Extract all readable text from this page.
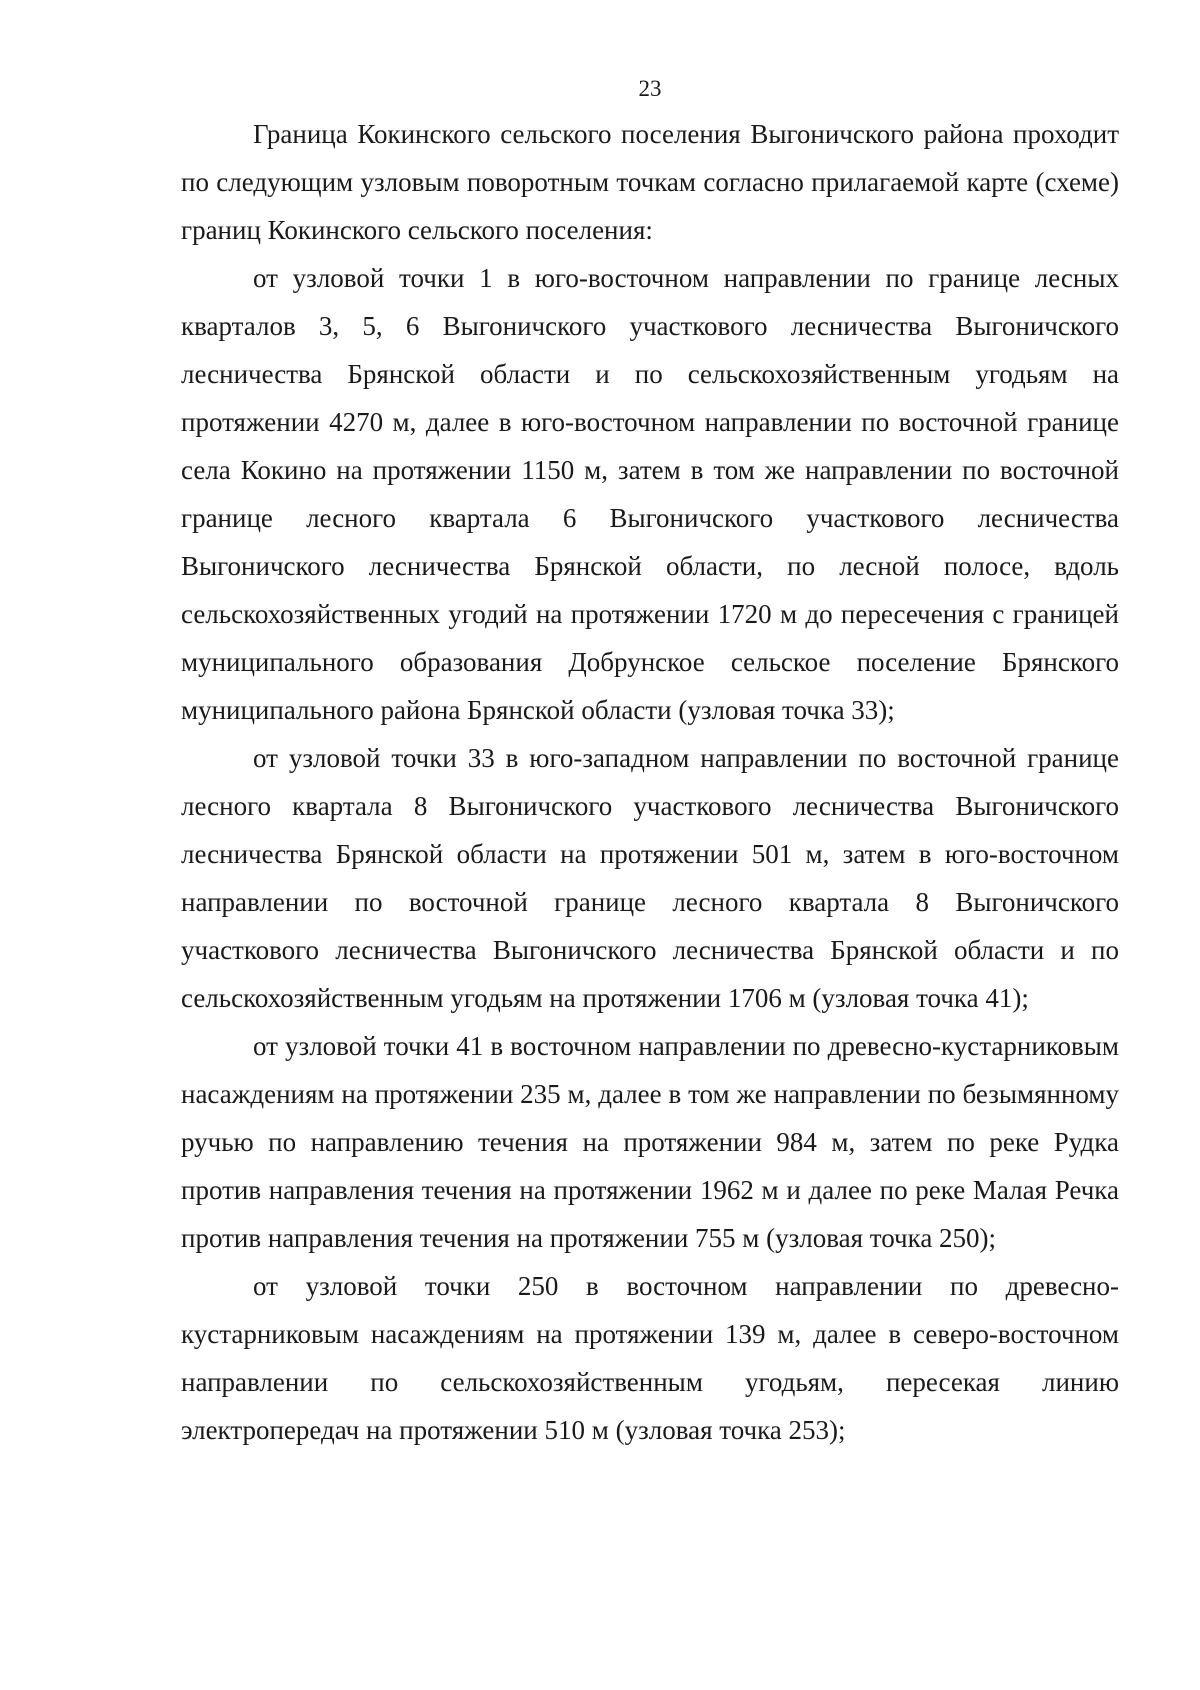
23

Граница Кокинского сельского поселения Выгоничского района проходит по следующим узловым поворотным точкам согласно прилагаемой карте (схеме) границ Кокинского сельского поселения:

от узловой точки 1 в юго-восточном направлении по границе лесных кварталов 3, 5, 6 Выгоничского участкового лесничества Выгоничского лесничества Брянской области и по сельскохозяйственным угодьям на протяжении 4270 м, далее в юго-восточном направлении по восточной границе села Кокино на протяжении 1150 м, затем в том же направлении по восточной границе лесного квартала 6 Выгоничского участкового лесничества Выгоничского лесничества Брянской области, по лесной полосе, вдоль сельскохозяйственных угодий на протяжении 1720 м до пересечения с границей муниципального образования Добрунское сельское поселение Брянского муниципального района Брянской области (узловая точка 33);

от узловой точки 33 в юго-западном направлении по восточной границе лесного квартала 8 Выгоничского участкового лесничества Выгоничского лесничества Брянской области на протяжении 501 м, затем в юго-восточном направлении по восточной границе лесного квартала 8 Выгоничского участкового лесничества Выгоничского лесничества Брянской области и по сельскохозяйственным угодьям на протяжении 1706 м (узловая точка 41);

от узловой точки 41 в восточном направлении по древесно-кустарниковым насаждениям на протяжении 235 м, далее в том же направлении по безымянному ручью по направлению течения на протяжении 984 м, затем по реке Рудка против направления течения на протяжении 1962 м и далее по реке Малая Речка против направления течения на протяжении 755 м (узловая точка 250);

от узловой точки 250 в восточном направлении по древесно-кустарниковым насаждениям на протяжении 139 м, далее в северо-восточном направлении по сельскохозяйственным угодьям, пересекая линию электропередач на протяжении 510 м (узловая точка 253);
